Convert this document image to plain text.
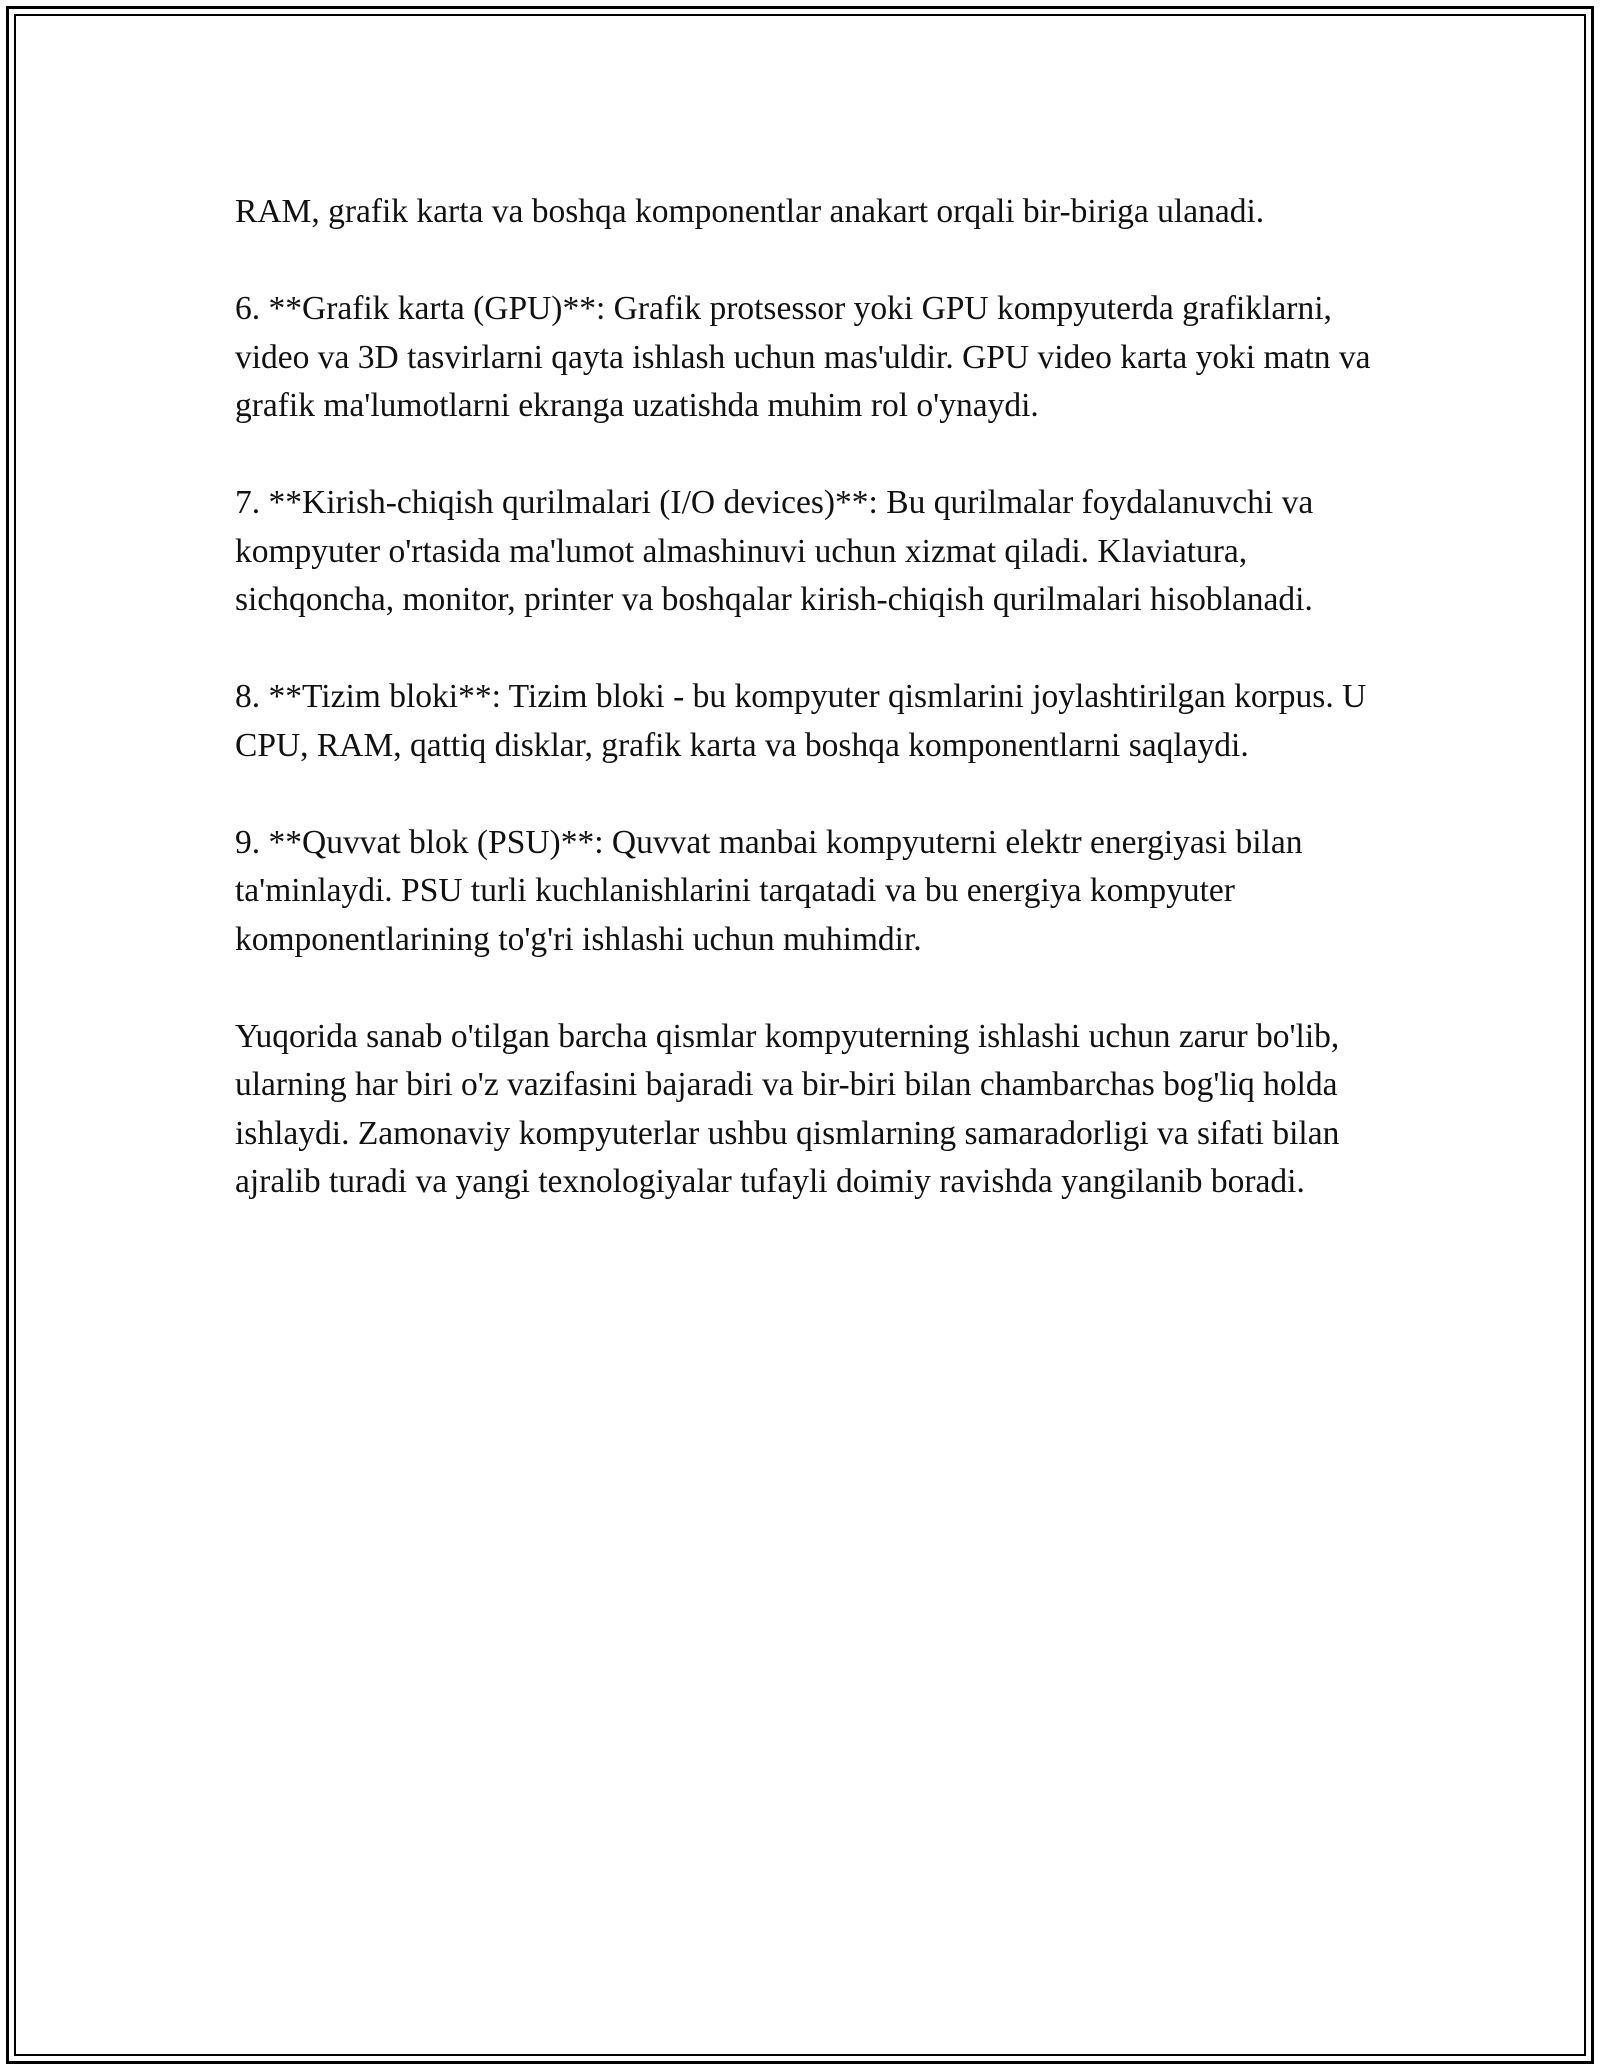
RAM, grafik karta va boshqa komponentlar anakart orqali bir-biriga ulanadi.

6. **Grafik karta (GPU)**: Grafik protsessor yoki GPU kompyuterda grafiklarni, video va 3D tasvirlarni qayta ishlash uchun mas'uldir. GPU video karta yoki matn va grafik ma'lumotlarni ekranga uzatishda muhim rol o'ynaydi.

7. **Kirish-chiqish qurilmalari (I/O devices)**: Bu qurilmalar foydalanuvchi va kompyuter o'rtasida ma'lumot almashinuvi uchun xizmat qiladi. Klaviatura, sichqoncha, monitor, printer va boshqalar kirish-chiqish qurilmalari hisoblanadi.

8. **Tizim bloki**: Tizim bloki - bu kompyuter qismlarini joylashtirilgan korpus. U CPU, RAM, qattiq disklar, grafik karta va boshqa komponentlarni saqlaydi.

9. **Quvvat blok (PSU)**: Quvvat manbai kompyuterni elektr energiyasi bilan ta'minlaydi. PSU turli kuchlanishlarini tarqatadi va bu energiya kompyuter komponentlarining to'g'ri ishlashi uchun muhimdir.

Yuqorida sanab o'tilgan barcha qismlar kompyuterning ishlashi uchun zarur bo'lib, ularning har biri o'z vazifasini bajaradi va bir-biri bilan chambarchas bog'liq holda ishlaydi. Zamonaviy kompyuterlar ushbu qismlarning samaradorligi va sifati bilan ajralib turadi va yangi texnologiyalar tufayli doimiy ravishda yangilanib boradi.
